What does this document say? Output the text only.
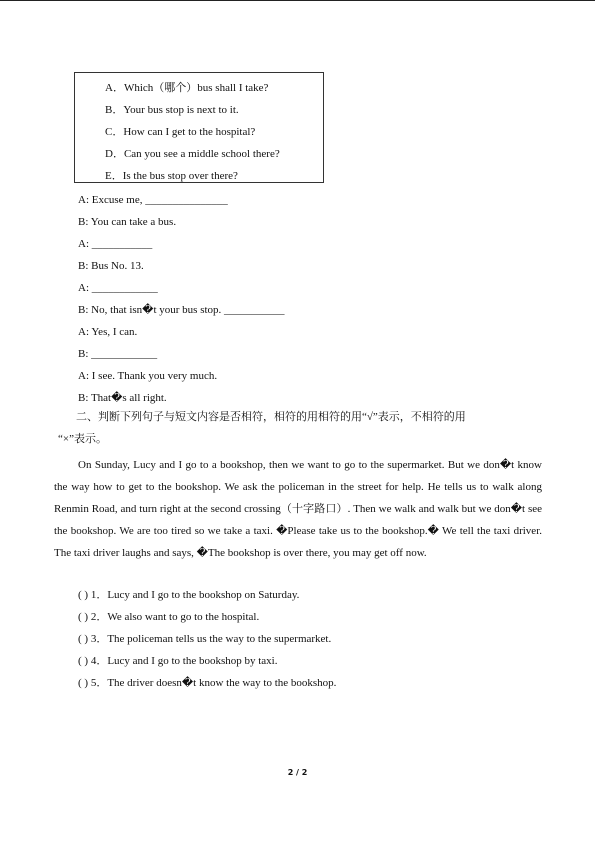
A．Which（哪个）bus shall I take?
B．Your bus stop is next to it.
C．How can I get to the hospital?
D．Can you see a middle school there?
E．Is the bus stop over there?
A: Excuse me, _______________
B: You can take a bus.
A: ___________
B: Bus No. 13.
A: ____________
B: No, that isn�t your bus stop. ___________
A: Yes, I can.
B: ____________
A: I see. Thank you very much.
B: That�s all right.
二、判断下列句子与短文内容是否相符，相符的用相符的用“√”表示，不相符的用
“×”表示。
On Sunday, Lucy and I go to a bookshop, then we want to go to the supermarket. But we don�t know the way how to get to the bookshop. We ask the policeman in the street for help. He tells us to walk along Renmin Road, and turn right at the second crossing（十字路口）. Then we walk and walk but we don�t see the bookshop. We are too tired so we take a taxi. �Please take us to the bookshop.� We tell the taxi driver. The taxi driver laughs and says, �The bookshop is over there, you may get off now.
( ) 1．Lucy and I go to the bookshop on Saturday.
( ) 2．We also want to go to the hospital.
( ) 3．The policeman tells us the way to the supermarket.
( ) 4．Lucy and I go to the bookshop by taxi.
( ) 5．The driver doesn�t know the way to the bookshop.
2 / 2
